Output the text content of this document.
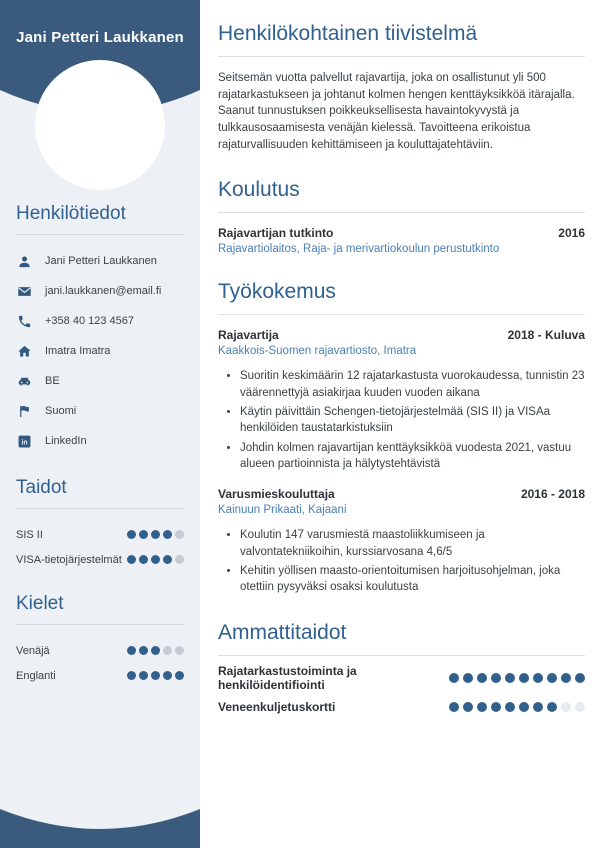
Jani Petteri Laukkanen
Henkilötiedot
Jani Petteri Laukkanen
jani.laukkanen@email.fi
+358 40 123 4567
Imatra Imatra
BE
Suomi
in LinkedIn
Taidot
SIS II
VISA-tietojärjestelmät
Kielet
Venäjä
Englanti
Henkilökohtainen tiivistelmä

Seitsemän vuotta palvellut rajavartija, joka on osallistunut yli 500 rajatarkastukseen ja johtanut kolmen hengen kenttäyksikköä itärajalla. Saanut tunnustuksen poikkeuksellisesta havaintokyvystä ja tulkkausosaamisesta venäjän kielessä. Tavoitteena erikoistua rajaturvallisuuden kehittämiseen ja kouluttajatehtäviin.

Koulutus
Rajavartijan tutkinto	2016
Rajavartiolaitos, Raja- ja merivartiokoulun perustutkinto
Työkokemus
Rajavartija	2018 - Kuluva
Kaakkois-Suomen rajavartiosto, Imatra
• Suoritin keskimäärin 12 rajatarkastusta vuorokaudessa, tunnistin 23 väärennettyjä asiakirjaa kuuden vuoden aikana
• Käytin päivittäin Schengen-tietojärjestelmää (SIS II) ja VISAa henkilöiden taustatarkistuksiin
• Johdin kolmen rajavartijan kenttäyksikköä vuodesta 2021, vastuu alueen partioinnista ja hälytystehtävistä
Varusmieskouluttaja	2016 - 2018
Kainuun Prikaati, Kajaani
• Koulutin 147 varusmiestä maastoliikkumiseen ja valvontatekniikoihin, kurssiarvosana 4,6/5
• Kehitin yöllisen maasto-orientoitumisen harjoitusohjelman, joka otettiin pysyväksi osaksi koulutusta
Ammattitaidot
Rajatarkastustoiminta ja henkilöidentifiointi
Veneenkuljetuskortti
